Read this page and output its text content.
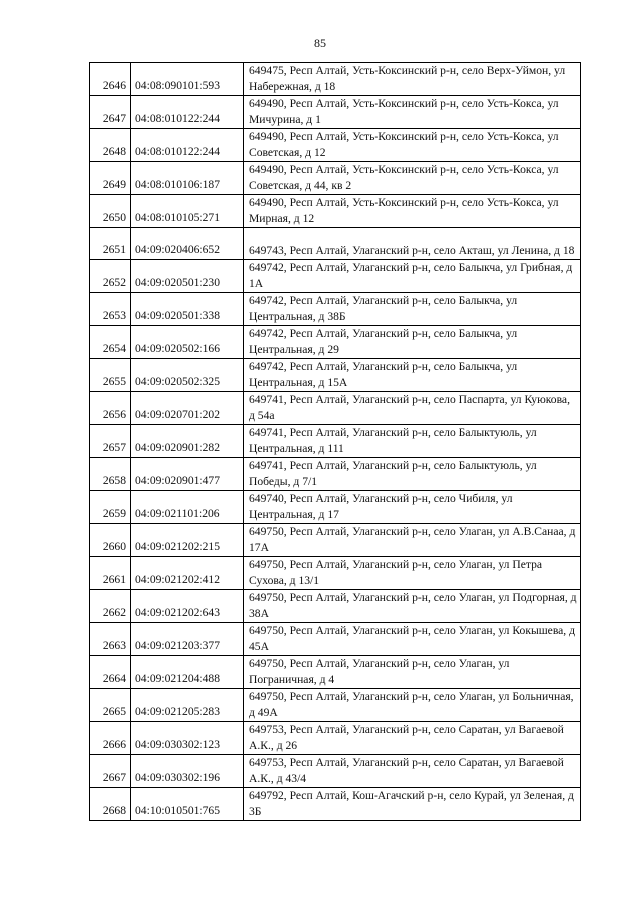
85
2646	04:08:090101:593	649475, Респ Алтай, Усть-Коксинский р-н, село Верх-Уймон, ул Набережная, д 18
2647	04:08:010122:244	649490, Респ Алтай, Усть-Коксинский р-н, село Усть-Кокса, ул Мичурина, д 1
2648	04:08:010122:244	649490, Респ Алтай, Усть-Коксинский р-н, село Усть-Кокса, ул Советская, д 12
2649	04:08:010106:187	649490, Респ Алтай, Усть-Коксинский р-н, село Усть-Кокса, ул Советская, д 44, кв 2
2650	04:08:010105:271	649490, Респ Алтай, Усть-Коксинский р-н, село Усть-Кокса, ул Мирная, д 12
2651	04:09:020406:652	649743, Респ Алтай, Улаганский р-н, село Акташ, ул Ленина, д 18
2652	04:09:020501:230	649742, Респ Алтай, Улаганский р-н, село Балыкча, ул Грибная, д 1А
2653	04:09:020501:338	649742, Респ Алтай, Улаганский р-н, село Балыкча, ул Центральная, д 38Б
2654	04:09:020502:166	649742, Респ Алтай, Улаганский р-н, село Балыкча, ул Центральная, д 29
2655	04:09:020502:325	649742, Респ Алтай, Улаганский р-н, село Балыкча, ул Центральная, д 15А
2656	04:09:020701:202	649741, Респ Алтай, Улаганский р-н, село Паспарта, ул Куюкова, д 54а
2657	04:09:020901:282	649741, Респ Алтай, Улаганский р-н, село Балыктуюль, ул Центральная, д 111
2658	04:09:020901:477	649741, Респ Алтай, Улаганский р-н, село Балыктуюль, ул Победы, д 7/1
2659	04:09:021101:206	649740, Респ Алтай, Улаганский р-н, село Чибиля, ул Центральная, д 17
2660	04:09:021202:215	649750, Респ Алтай, Улаганский р-н, село Улаган, ул А.В.Санаа, д 17А
2661	04:09:021202:412	649750, Респ Алтай, Улаганский р-н, село Улаган, ул Петра Сухова, д 13/1
2662	04:09:021202:643	649750, Респ Алтай, Улаганский р-н, село Улаган, ул Подгорная, д 38А
2663	04:09:021203:377	649750, Респ Алтай, Улаганский р-н, село Улаган, ул Кокышева, д 45А
2664	04:09:021204:488	649750, Респ Алтай, Улаганский р-н, село Улаган, ул Пограничная, д 4
2665	04:09:021205:283	649750, Респ Алтай, Улаганский р-н, село Улаган, ул Больничная, д 49А
2666	04:09:030302:123	649753, Респ Алтай, Улаганский р-н, село Саратан, ул Вагаевой А.К., д 26
2667	04:09:030302:196	649753, Респ Алтай, Улаганский р-н, село Саратан, ул Вагаевой А.К., д 43/4
2668	04:10:010501:765	649792, Респ Алтай, Кош-Агачский р-н, село Курай, ул Зеленая, д 3Б
